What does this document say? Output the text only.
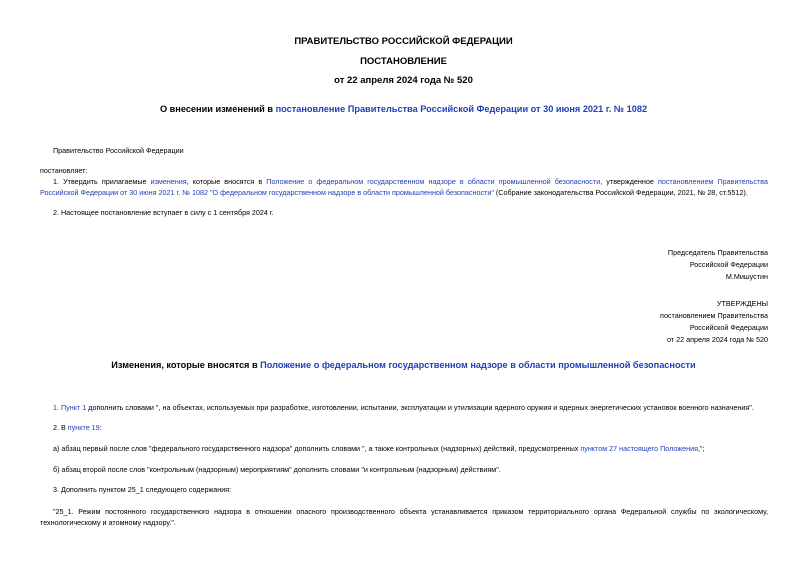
ПРАВИТЕЛЬСТВО РОССИЙСКОЙ ФЕДЕРАЦИИ
ПОСТАНОВЛЕНИЕ
от 22 апреля 2024 года № 520
О внесении изменений в постановление Правительства Российской Федерации от 30 июня 2021 г. № 1082
Правительство Российской Федерации
постановляет:
1. Утвердить прилагаемые изменения, которые вносятся в Положение о федеральном государственном надзоре в области промышленной безопасности, утвержденное постановлением Правительства Российской Федерации от 30 июня 2021 г. № 1082 "О федеральном государственном надзоре в области промышленной безопасности" (Собрание законодательства Российской Федерации, 2021, № 28, ст.5512).
2. Настоящее постановление вступает в силу с 1 сентября 2024 г.
Председатель Правительства
Российской Федерации
М.Мишустин
УТВЕРЖДЕНЫ
постановлением Правительства
Российской Федерации
от 22 апреля 2024 года № 520
Изменения, которые вносятся в Положение о федеральном государственном надзоре в области промышленной безопасности
1. Пункт 1 дополнить словами ", на объектах, используемых при разработке, изготовлении, испытании, эксплуатации и утилизации ядерного оружия и ядерных энергетических установок военного назначения".
2. В пункте 19:
а) абзац первый после слов "федерального государственного надзора" дополнить словами ", а также контрольных (надзорных) действий, предусмотренных пунктом 27 настоящего Положения,";
б) абзац второй после слов "контрольным (надзорным) мероприятиям" дополнить словами "и контрольным (надзорным) действиям".
3. Дополнить пунктом 25_1 следующего содержания:
"25_1. Режим постоянного государственного надзора в отношении опасного производственного объекта устанавливается приказом территориального органа Федеральной службы по экологическому, технологическому и атомному надзору.".
